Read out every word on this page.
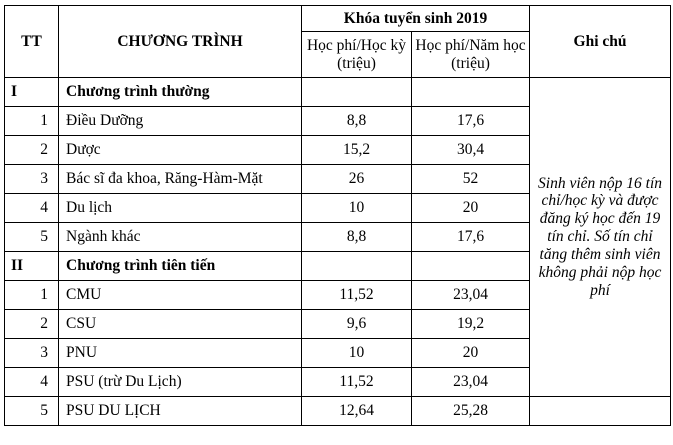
TT	CHƯƠNG TRÌNH	Khóa tuyển sinh 2019		Ghi chú
		Học phí/Học kỳ (triệu)	Học phí/Năm học (triệu)	
I	Chương trình thường			Sinh viên nộp 16 tín chỉ/học kỳ và được đăng ký học đến 19 tín chỉ. Số tín chỉ tăng thêm sinh viên không phải nộp học phí
1	Điều Dưỡng	8,8	17,6	
2	Dược	15,2	30,4	
3	Bác sĩ đa khoa, Răng-Hàm-Mặt	26	52	
4	Du lịch	10	20	
5	Ngành khác	8,8	17,6	
II	Chương trình tiên tiến			
1	CMU	11,52	23,04	
2	CSU	9,6	19,2	
3	PNU	10	20	
4	PSU (trừ Du Lịch)	11,52	23,04	
5	PSU DU LỊCH	12,64	25,28	
